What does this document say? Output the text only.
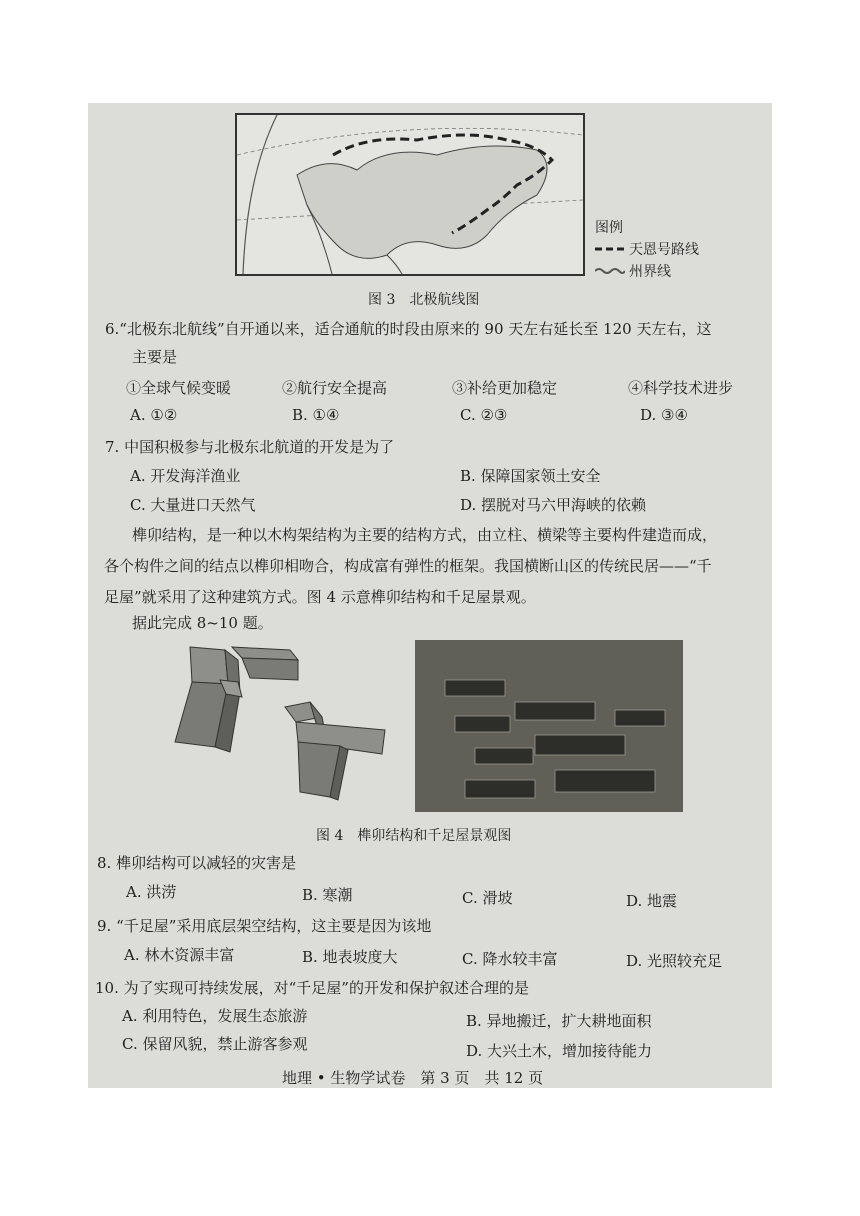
图 3　北极航线图
图例
天恩号路线
州界线
6.“北极东北航线”自开通以来，适合通航的时段由原来的 90 天左右延长至 120 天左右，这
主要是
①全球气候变暖	②航行安全提高	③补给更加稳定	④科学技术进步
A. ①②	B. ①④	C. ②③	D. ③④
7. 中国积极参与北极东北航道的开发是为了
A. 开发海洋渔业	B. 保障国家领土安全
C. 大量进口天然气	D. 摆脱对马六甲海峡的依赖
榫卯结构，是一种以木构架结构为主要的结构方式，由立柱、横梁等主要构件建造而成，
各个构件之间的结点以榫卯相吻合，构成富有弹性的框架。我国横断山区的传统民居——“千
足屋”就采用了这种建筑方式。图 4 示意榫卯结构和千足屋景观。
据此完成 8~10 题。
图 4　榫卯结构和千足屋景观图
8. 榫卯结构可以减轻的灾害是
A. 洪涝	B. 寒潮	C. 滑坡	D. 地震
9. “千足屋”采用底层架空结构，这主要是因为该地
A. 林木资源丰富	B. 地表坡度大	C. 降水较丰富	D. 光照较充足
10. 为了实现可持续发展，对“千足屋”的开发和保护叙述合理的是
A. 利用特色，发展生态旅游	B. 异地搬迁，扩大耕地面积
C. 保留风貌，禁止游客参观	D. 大兴土木，增加接待能力
地理 • 生物学试卷　第 3 页　共 12 页
